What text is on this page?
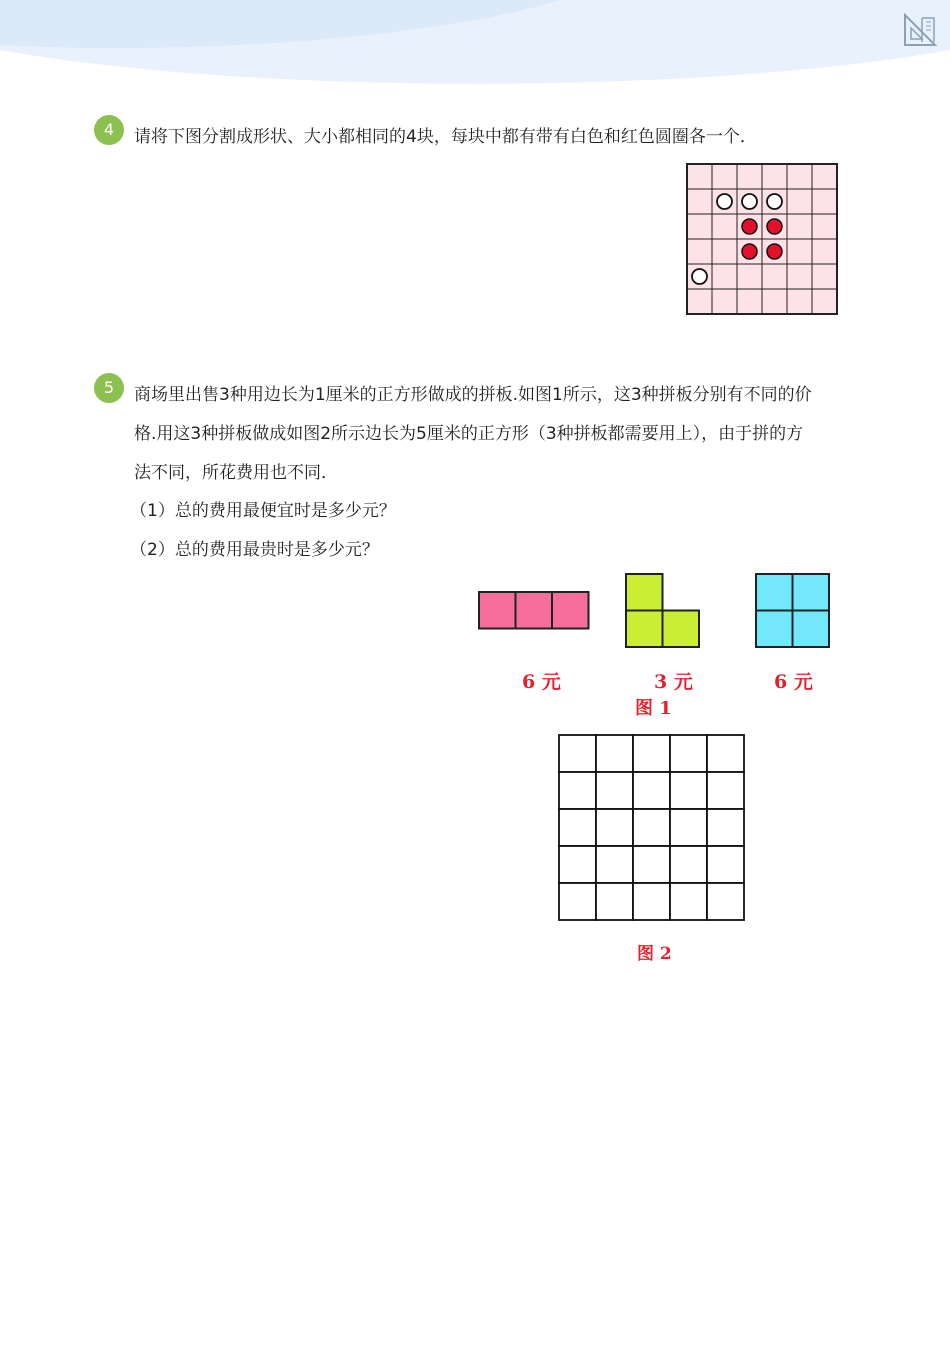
4	请将下图分割成形状、大小都相同的4块，每块中都有带有白色和红色圆圈各一个．
5	商场里出售3种用边长为1厘米的正方形做成的拼板.如图1所示，这3种拼板分别有不同的价
格.用这3种拼板做成如图2所示边长为5厘米的正方形（3种拼板都需要用上），由于拼的方
法不同，所花费用也不同．
（1）总的费用最便宜时是多少元？
（2）总的费用最贵时是多少元？
6 元	3 元	6 元
图 1
图 2
